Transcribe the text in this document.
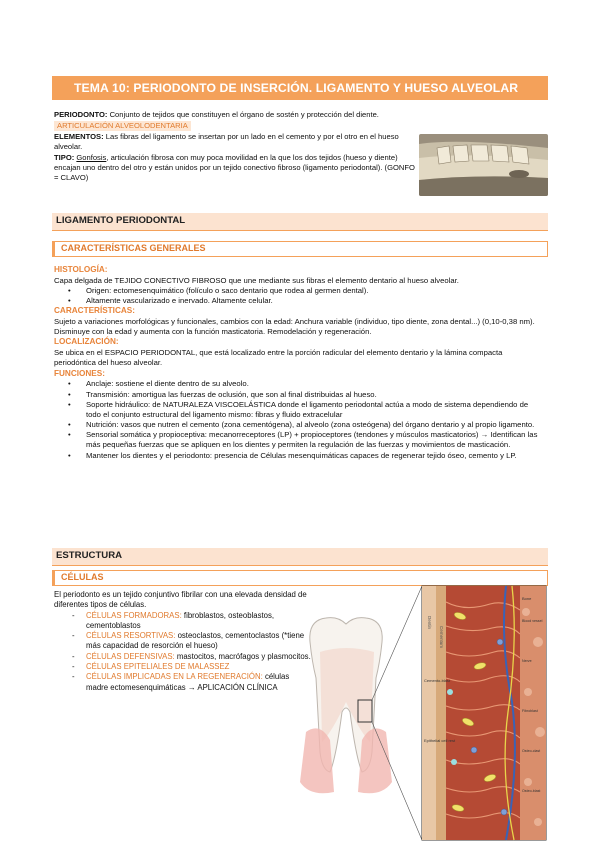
TEMA 10: PERIODONTO DE INSERCIÓN. LIGAMENTO Y HUESO ALVEOLAR

PERIODONTO: Conjunto de tejidos que constituyen el órgano de sostén y protección del diente.

ARTICULACIÓN ALVEOLODENTARIA

ELEMENTOS: Las fibras del ligamento se insertan por un lado en el cemento y por el otro en el hueso alveolar.

TIPO: Gonfosis, articulación fibrosa con muy poca movilidad en la que los dos tejidos (hueso y diente) encajan uno dentro del otro y están unidos por un tejido conectivo fibroso (ligamento periodontal). (GONFO = CLAVO)

LIGAMENTO PERIODONTAL
CARACTERÍSTICAS GENERALES
HISTOLOGÍA:
Capa delgada de TEJIDO CONECTIVO FIBROSO que une mediante sus fibras el elemento dentario al hueso alveolar.
• Origen: ectomesenquimático (folículo o saco dentario que rodea al germen dental).
• Altamente vascularizado e inervado. Altamente celular.
CARACTERÍSTICAS:
Sujeto a variaciones morfológicas y funcionales, cambios con la edad: Anchura variable (individuo, tipo diente, zona dental...) (0,10-0,38 nm). Disminuye con la edad y aumenta con la función masticatoria. Remodelación y regeneración.
LOCALIZACIÓN:
Se ubica en el ESPACIO PERIODONTAL, que está localizado entre la porción radicular del elemento dentario y la lámina compacta periodóntica del hueso alveolar.
FUNCIONES:
• Anclaje: sostiene el diente dentro de su alveolo.
• Transmisión: amortigua las fuerzas de oclusión, que son al final distribuidas al hueso.
• Soporte hidráulico: de NATURALEZA VISCOELÁSTICA donde el ligamento periodontal actúa a modo de sistema dependiendo de todo el conjunto estructural del ligamento mismo: fibras y fluido extracelular
• Nutrición: vasos que nutren el cemento (zona cementógena), al alveolo (zona osteógena) del órgano dentario y al propio ligamento.
• Sensorial somática y propioceptiva: mecanorreceptores (LP) + propioceptores (tendones y músculos masticatorios) → Identifican las más pequeñas fuerzas que se apliquen en los dientes y permiten la regulación de las fuerzas y movimientos de masticación.
• Mantener los dientes y el periodonto: presencia de Células mesenquimáticas capaces de regenerar tejido óseo, cemento y LP.
ESTRUCTURA
CÉLULAS
El periodonto es un tejido conjuntivo fibrilar con una elevada densidad de diferentes tipos de células.
- CÉLULAS FORMADORAS: fibroblastos, osteoblastos, cementoblastos
- CÉLULAS RESORTIVAS: osteoclastos, cementoclastos (*tiene más capacidad de resorción el hueso)
- CÉLULAS DEFENSIVAS: mastocitos, macrófagos y plasmocitos.
- CÉLULAS EPITELIALES DE MALASSEZ
- CÉLULAS IMPLICADAS EN LA REGENERACIÓN: células madre ectomesenquimáticas → APLICACIÓN CLÍNICA
Dentin
Cementum
Cemento-blast
Epithelial cell rest
Bone
Blood vessel
Nerve
Fibroblast
Osteo-clast
Osteo-blast
